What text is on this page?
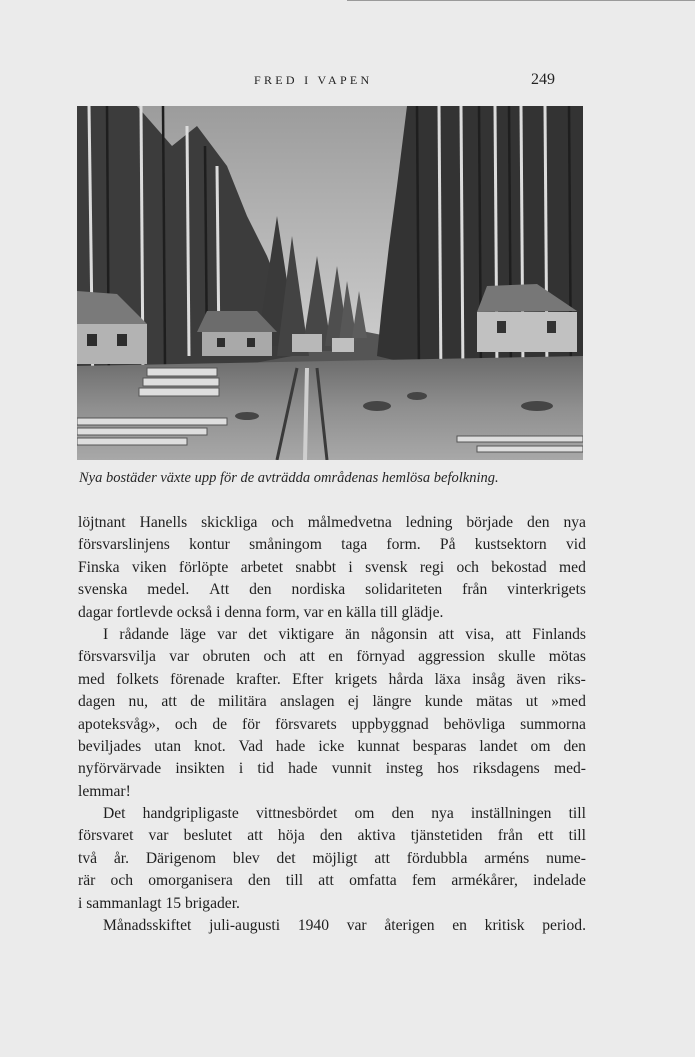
FRED I VAPEN	249
Nya bostäder växte upp för de avträdda områdenas hemlösa befolkning.
löjtnant Hanells skickliga och målmedvetna ledning började den nya
försvarslinjens kontur småningom taga form. På kustsektorn vid
Finska viken förlöpte arbetet snabbt i svensk regi och bekostad med
svenska medel. Att den nordiska solidariteten från vinterkrigets
dagar fortlevde också i denna form, var en källa till glädje.
I rådande läge var det viktigare än någonsin att visa, att Finlands
försvarsvilja var obruten och att en förnyad aggression skulle mötas
med folkets förenade krafter. Efter krigets hårda läxa insåg även riks-
dagen nu, att de militära anslagen ej längre kunde mätas ut »med
apoteksvåg», och de för försvarets uppbyggnad behövliga summorna
beviljades utan knot. Vad hade icke kunnat besparas landet om den
nyförvärvade insikten i tid hade vunnit insteg hos riksdagens med-
lemmar!
Det handgripligaste vittnesbördet om den nya inställningen till
försvaret var beslutet att höja den aktiva tjänstetiden från ett till
två år. Därigenom blev det möjligt att fördubbla arméns nume-
rär och omorganisera den till att omfatta fem armékårer, indelade
i sammanlagt 15 brigader.
Månadsskiftet juli-augusti 1940 var återigen en kritisk period.
